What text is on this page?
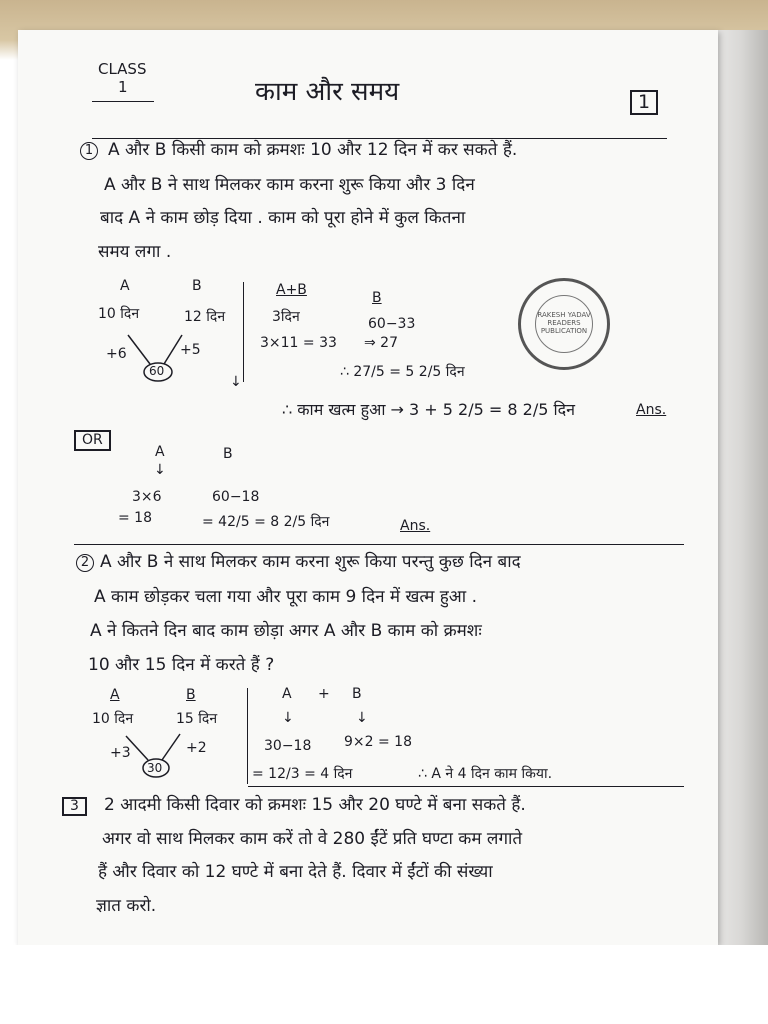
CLASS
1	काम और समय	1
1 A और B किसी काम को क्रमशः 10 और 12 दिन में कर सकते हैं.
A और B ने साथ मिलकर काम करना शुरू किया और 3 दिन
बाद A ने काम छोड़ दिया . काम को पूरा होने में कुल कितना
समय लगा .
A	B
10 दिन	12 दिन
+6	+5
60
↓
A+B
3दिन
3×11 = 33
B
60−33
⇒ 27
∴ 27/5 = 5 2/5 दिन
∴ काम खत्म हुआ → 3 + 5 2/5 = 8 2/5 दिन	Ans.
RAKESH YADAV READERS PUBLICATION
OR
A
↓
B
3×6
= 18
60−18
= 42/5 = 8 2/5 दिन	Ans.
2 A और B ने साथ मिलकर काम करना शुरू किया परन्तु कुछ दिन बाद
A काम छोड़कर चला गया और पूरा काम 9 दिन में खत्म हुआ .
A ने कितने दिन बाद काम छोड़ा अगर A और B काम को क्रमशः
10 और 15 दिन में करते हैं ?
A	B
10 दिन	15 दिन
+3	+2
30
A + B
↓	↓
30−18 9×2 = 18
= 12/3 = 4 दिन	∴ A ने 4 दिन काम किया.
3	2 आदमी किसी दिवार को क्रमशः 15 और 20 घण्टे में बना सकते हैं.
अगर वो साथ मिलकर काम करें तो वे 280 ईंटें प्रति घण्टा कम लगाते
हैं और दिवार को 12 घण्टे में बना देते हैं. दिवार में ईंटों की संख्या
ज्ञात करो.
